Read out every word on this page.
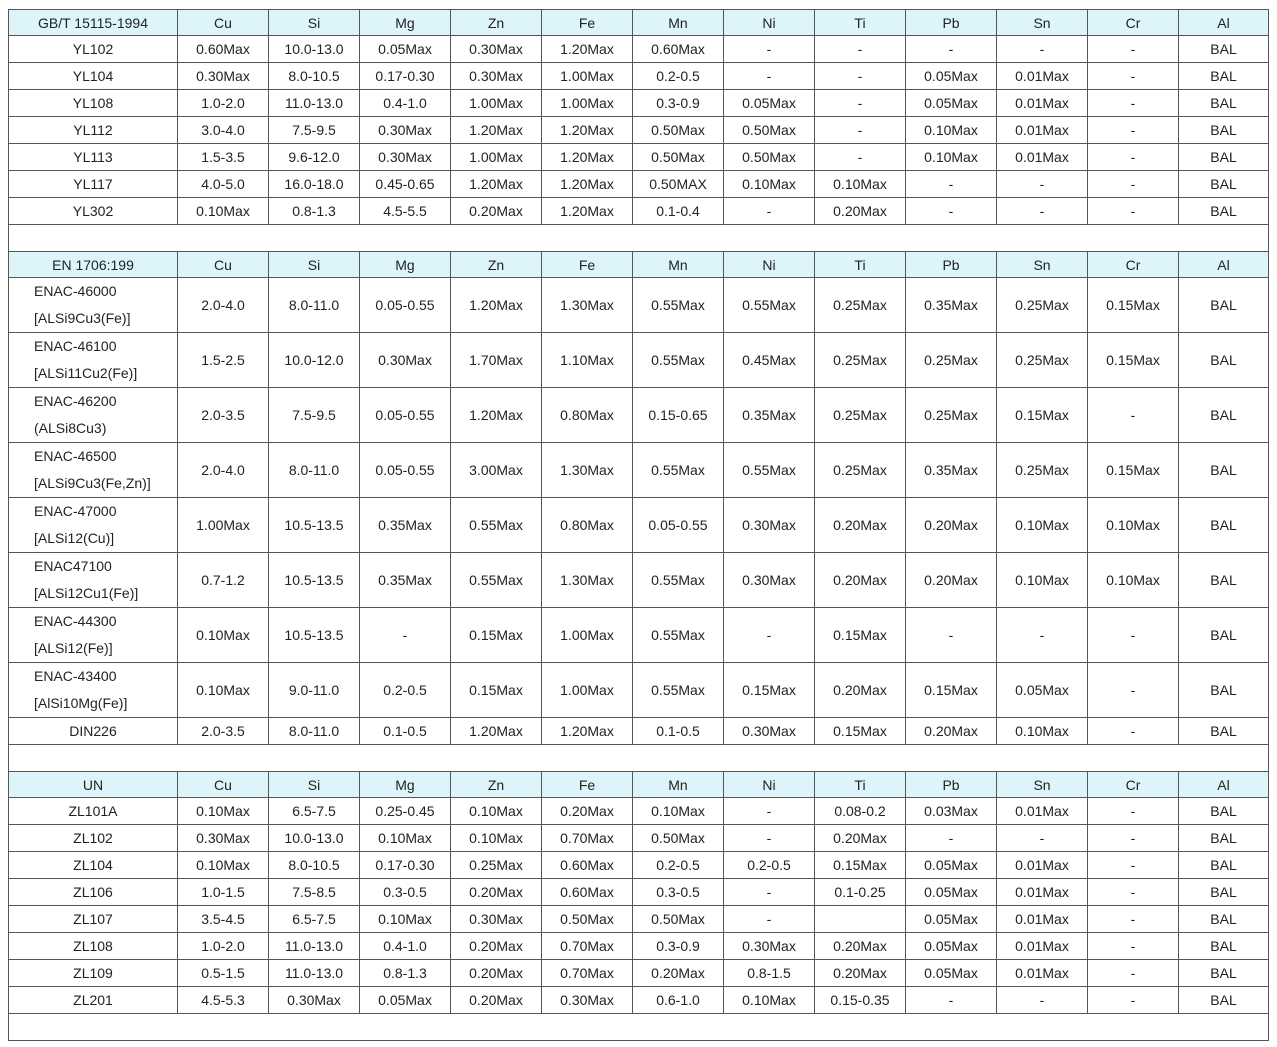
GB/T 15115-1994	Cu	Si	Mg	Zn	Fe	Mn	Ni	Ti	Pb	Sn	Cr	Al
YL102	0.60Max	10.0-13.0	0.05Max	0.30Max	1.20Max	0.60Max	-	-	-	-	-	BAL
YL104	0.30Max	8.0-10.5	0.17-0.30	0.30Max	1.00Max	0.2-0.5	-	-	0.05Max	0.01Max	-	BAL
YL108	1.0-2.0	11.0-13.0	0.4-1.0	1.00Max	1.00Max	0.3-0.9	0.05Max	-	0.05Max	0.01Max	-	BAL
YL112	3.0-4.0	7.5-9.5	0.30Max	1.20Max	1.20Max	0.50Max	0.50Max	-	0.10Max	0.01Max	-	BAL
YL113	1.5-3.5	9.6-12.0	0.30Max	1.00Max	1.20Max	0.50Max	0.50Max	-	0.10Max	0.01Max	-	BAL
YL117	4.0-5.0	16.0-18.0	0.45-0.65	1.20Max	1.20Max	0.50MAX	0.10Max	0.10Max	-	-	-	BAL
YL302	0.10Max	0.8-1.3	4.5-5.5	0.20Max	1.20Max	0.1-0.4	-	0.20Max	-	-	-	BAL

EN 1706:199	Cu	Si	Mg	Zn	Fe	Mn	Ni	Ti	Pb	Sn	Cr	Al

ENAC-46000
[ALSi9Cu3(Fe)]	2.0-4.0	8.0-11.0	0.05-0.55	1.20Max	1.30Max	0.55Max	0.55Max	0.25Max	0.35Max	0.25Max	0.15Max	BAL

ENAC-46100
[ALSi11Cu2(Fe)]	1.5-2.5	10.0-12.0	0.30Max	1.70Max	1.10Max	0.55Max	0.45Max	0.25Max	0.25Max	0.25Max	0.15Max	BAL

ENAC-46200
(ALSi8Cu3)	2.0-3.5	7.5-9.5	0.05-0.55	1.20Max	0.80Max	0.15-0.65	0.35Max	0.25Max	0.25Max	0.15Max	-	BAL

ENAC-46500
[ALSi9Cu3(Fe,Zn)]	2.0-4.0	8.0-11.0	0.05-0.55	3.00Max	1.30Max	0.55Max	0.55Max	0.25Max	0.35Max	0.25Max	0.15Max	BAL

ENAC-47000
[ALSi12(Cu)]	1.00Max	10.5-13.5	0.35Max	0.55Max	0.80Max	0.05-0.55	0.30Max	0.20Max	0.20Max	0.10Max	0.10Max	BAL

ENAC47100
[ALSi12Cu1(Fe)]	0.7-1.2	10.5-13.5	0.35Max	0.55Max	1.30Max	0.55Max	0.30Max	0.20Max	0.20Max	0.10Max	0.10Max	BAL

ENAC-44300
[ALSi12(Fe)]	0.10Max	10.5-13.5	-	0.15Max	1.00Max	0.55Max	-	0.15Max	-	-	-	BAL

ENAC-43400
[AlSi10Mg(Fe)]	0.10Max	9.0-11.0	0.2-0.5	0.15Max	1.00Max	0.55Max	0.15Max	0.20Max	0.15Max	0.05Max	-	BAL
DIN226	2.0-3.5	8.0-11.0	0.1-0.5	1.20Max	1.20Max	0.1-0.5	0.30Max	0.15Max	0.20Max	0.10Max	-	BAL

UN	Cu	Si	Mg	Zn	Fe	Mn	Ni	Ti	Pb	Sn	Cr	Al
ZL101A	0.10Max	6.5-7.5	0.25-0.45	0.10Max	0.20Max	0.10Max	-	0.08-0.2	0.03Max	0.01Max	-	BAL
ZL102	0.30Max	10.0-13.0	0.10Max	0.10Max	0.70Max	0.50Max	-	0.20Max	-	-	-	BAL
ZL104	0.10Max	8.0-10.5	0.17-0.30	0.25Max	0.60Max	0.2-0.5	0.2-0.5	0.15Max	0.05Max	0.01Max	-	BAL
ZL106	1.0-1.5	7.5-8.5	0.3-0.5	0.20Max	0.60Max	0.3-0.5	-	0.1-0.25	0.05Max	0.01Max	-	BAL
ZL107	3.5-4.5	6.5-7.5	0.10Max	0.30Max	0.50Max	0.50Max	-		0.05Max	0.01Max	-	BAL
ZL108	1.0-2.0	11.0-13.0	0.4-1.0	0.20Max	0.70Max	0.3-0.9	0.30Max	0.20Max	0.05Max	0.01Max	-	BAL
ZL109	0.5-1.5	11.0-13.0	0.8-1.3	0.20Max	0.70Max	0.20Max	0.8-1.5	0.20Max	0.05Max	0.01Max	-	BAL
ZL201	4.5-5.3	0.30Max	0.05Max	0.20Max	0.30Max	0.6-1.0	0.10Max	0.15-0.35	-	-	-	BAL
